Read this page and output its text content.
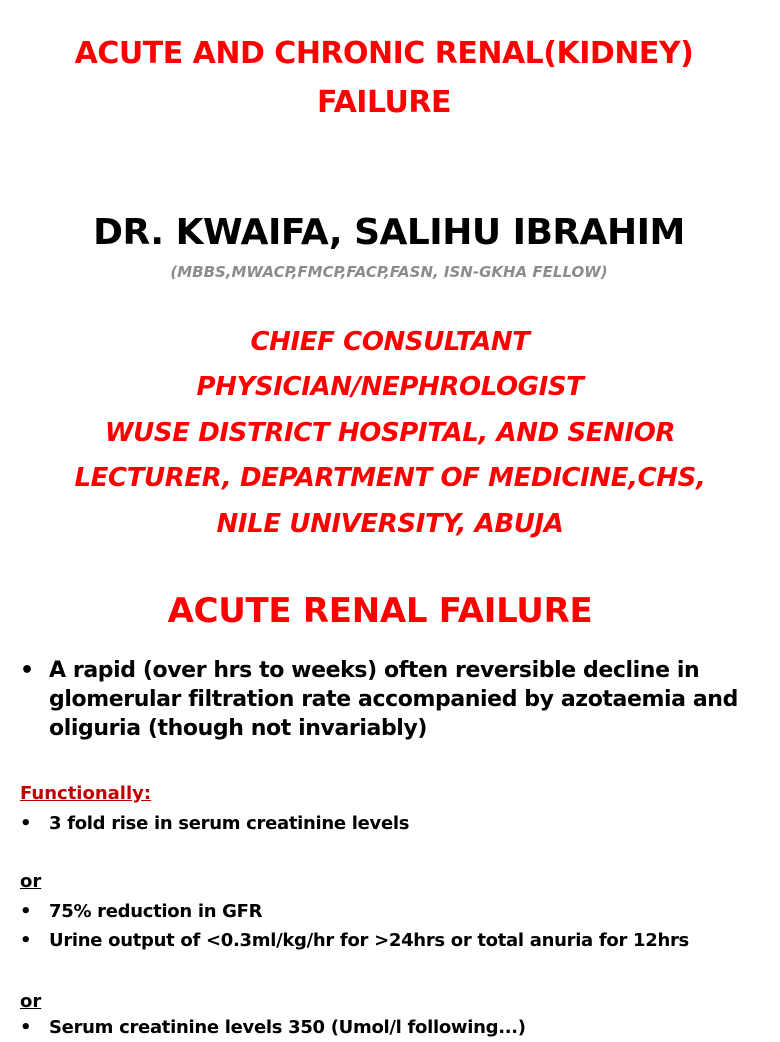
ACUTE AND CHRONIC RENAL(KIDNEY)
FAILURE
DR. KWAIFA, SALIHU IBRAHIM
(MBBS,MWACP,FMCP,FACP,FASN, ISN-GKHA FELLOW)
CHIEF CONSULTANT
PHYSICIAN/NEPHROLOGIST
WUSE DISTRICT HOSPITAL, AND SENIOR
LECTURER, DEPARTMENT OF MEDICINE,CHS,
NILE UNIVERSITY, ABUJA
ACUTE RENAL FAILURE
• A rapid (over hrs to weeks) often reversible decline in
glomerular filtration rate accompanied by azotaemia and
oliguria (though not invariably)
Functionally:
• 3 fold rise in serum creatinine levels
or
• 75% reduction in GFR
• Urine output of <0.3ml/kg/hr for >24hrs or total anuria for 12hrs
or
• Serum creatinine levels 350 (Umol/l following...)
